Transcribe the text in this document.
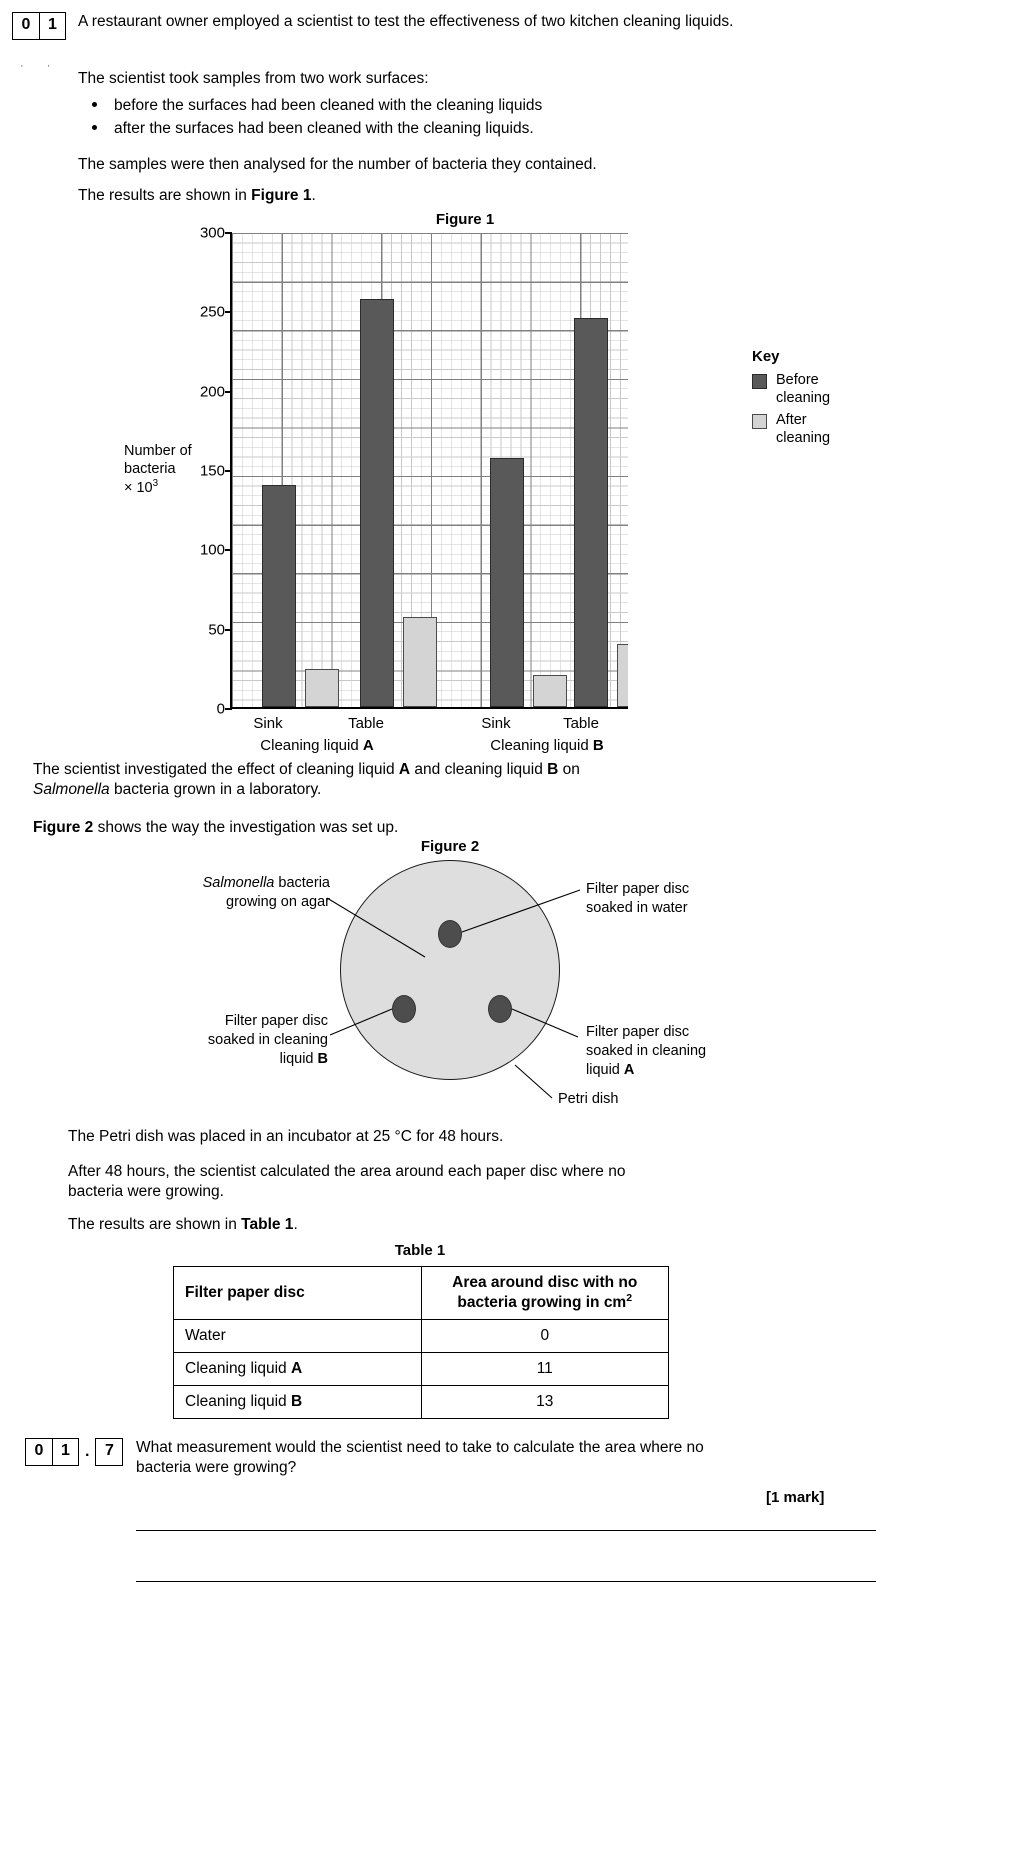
0	1	A restaurant owner employed a scientist to test the effectiveness of two kitchen cleaning liquids.
· ·
The scientist took samples from two work surfaces:
before the surfaces had been cleaned with the cleaning liquids
after the surfaces had been cleaned with the cleaning liquids.
The samples were then analysed for the number of bacteria they contained.
The results are shown in Figure 1.
Figure 1
300
250
200
150
100
50
0
Number of
bacteria
× $10^3$
Sink	Table	Sink	Table
Cleaning liquid A	Cleaning liquid B
Key
Before
cleaning
After
cleaning
The scientist investigated the effect of cleaning liquid A and cleaning liquid B on
Salmonella bacteria grown in a laboratory.
Figure 2 shows the way the investigation was set up.
Figure 2
Salmonella bacteria
growing on agar
Filter paper disc
soaked in water
Filter paper disc
soaked in cleaning
liquid B
Filter paper disc
soaked in cleaning
liquid A
Petri dish
The Petri dish was placed in an incubator at 25 °C for 48 hours.
After 48 hours, the scientist calculated the area around each paper disc where no
bacteria were growing.
The results are shown in Table 1.
Table 1
Filter paper disc	Area around disc with no
bacteria growing in $cm^2$
Water	0
Cleaning liquid A	11
Cleaning liquid B	13
0	1 . 7	What measurement would the scientist need to take to calculate the area where no
bacteria were growing?
[1 mark]
